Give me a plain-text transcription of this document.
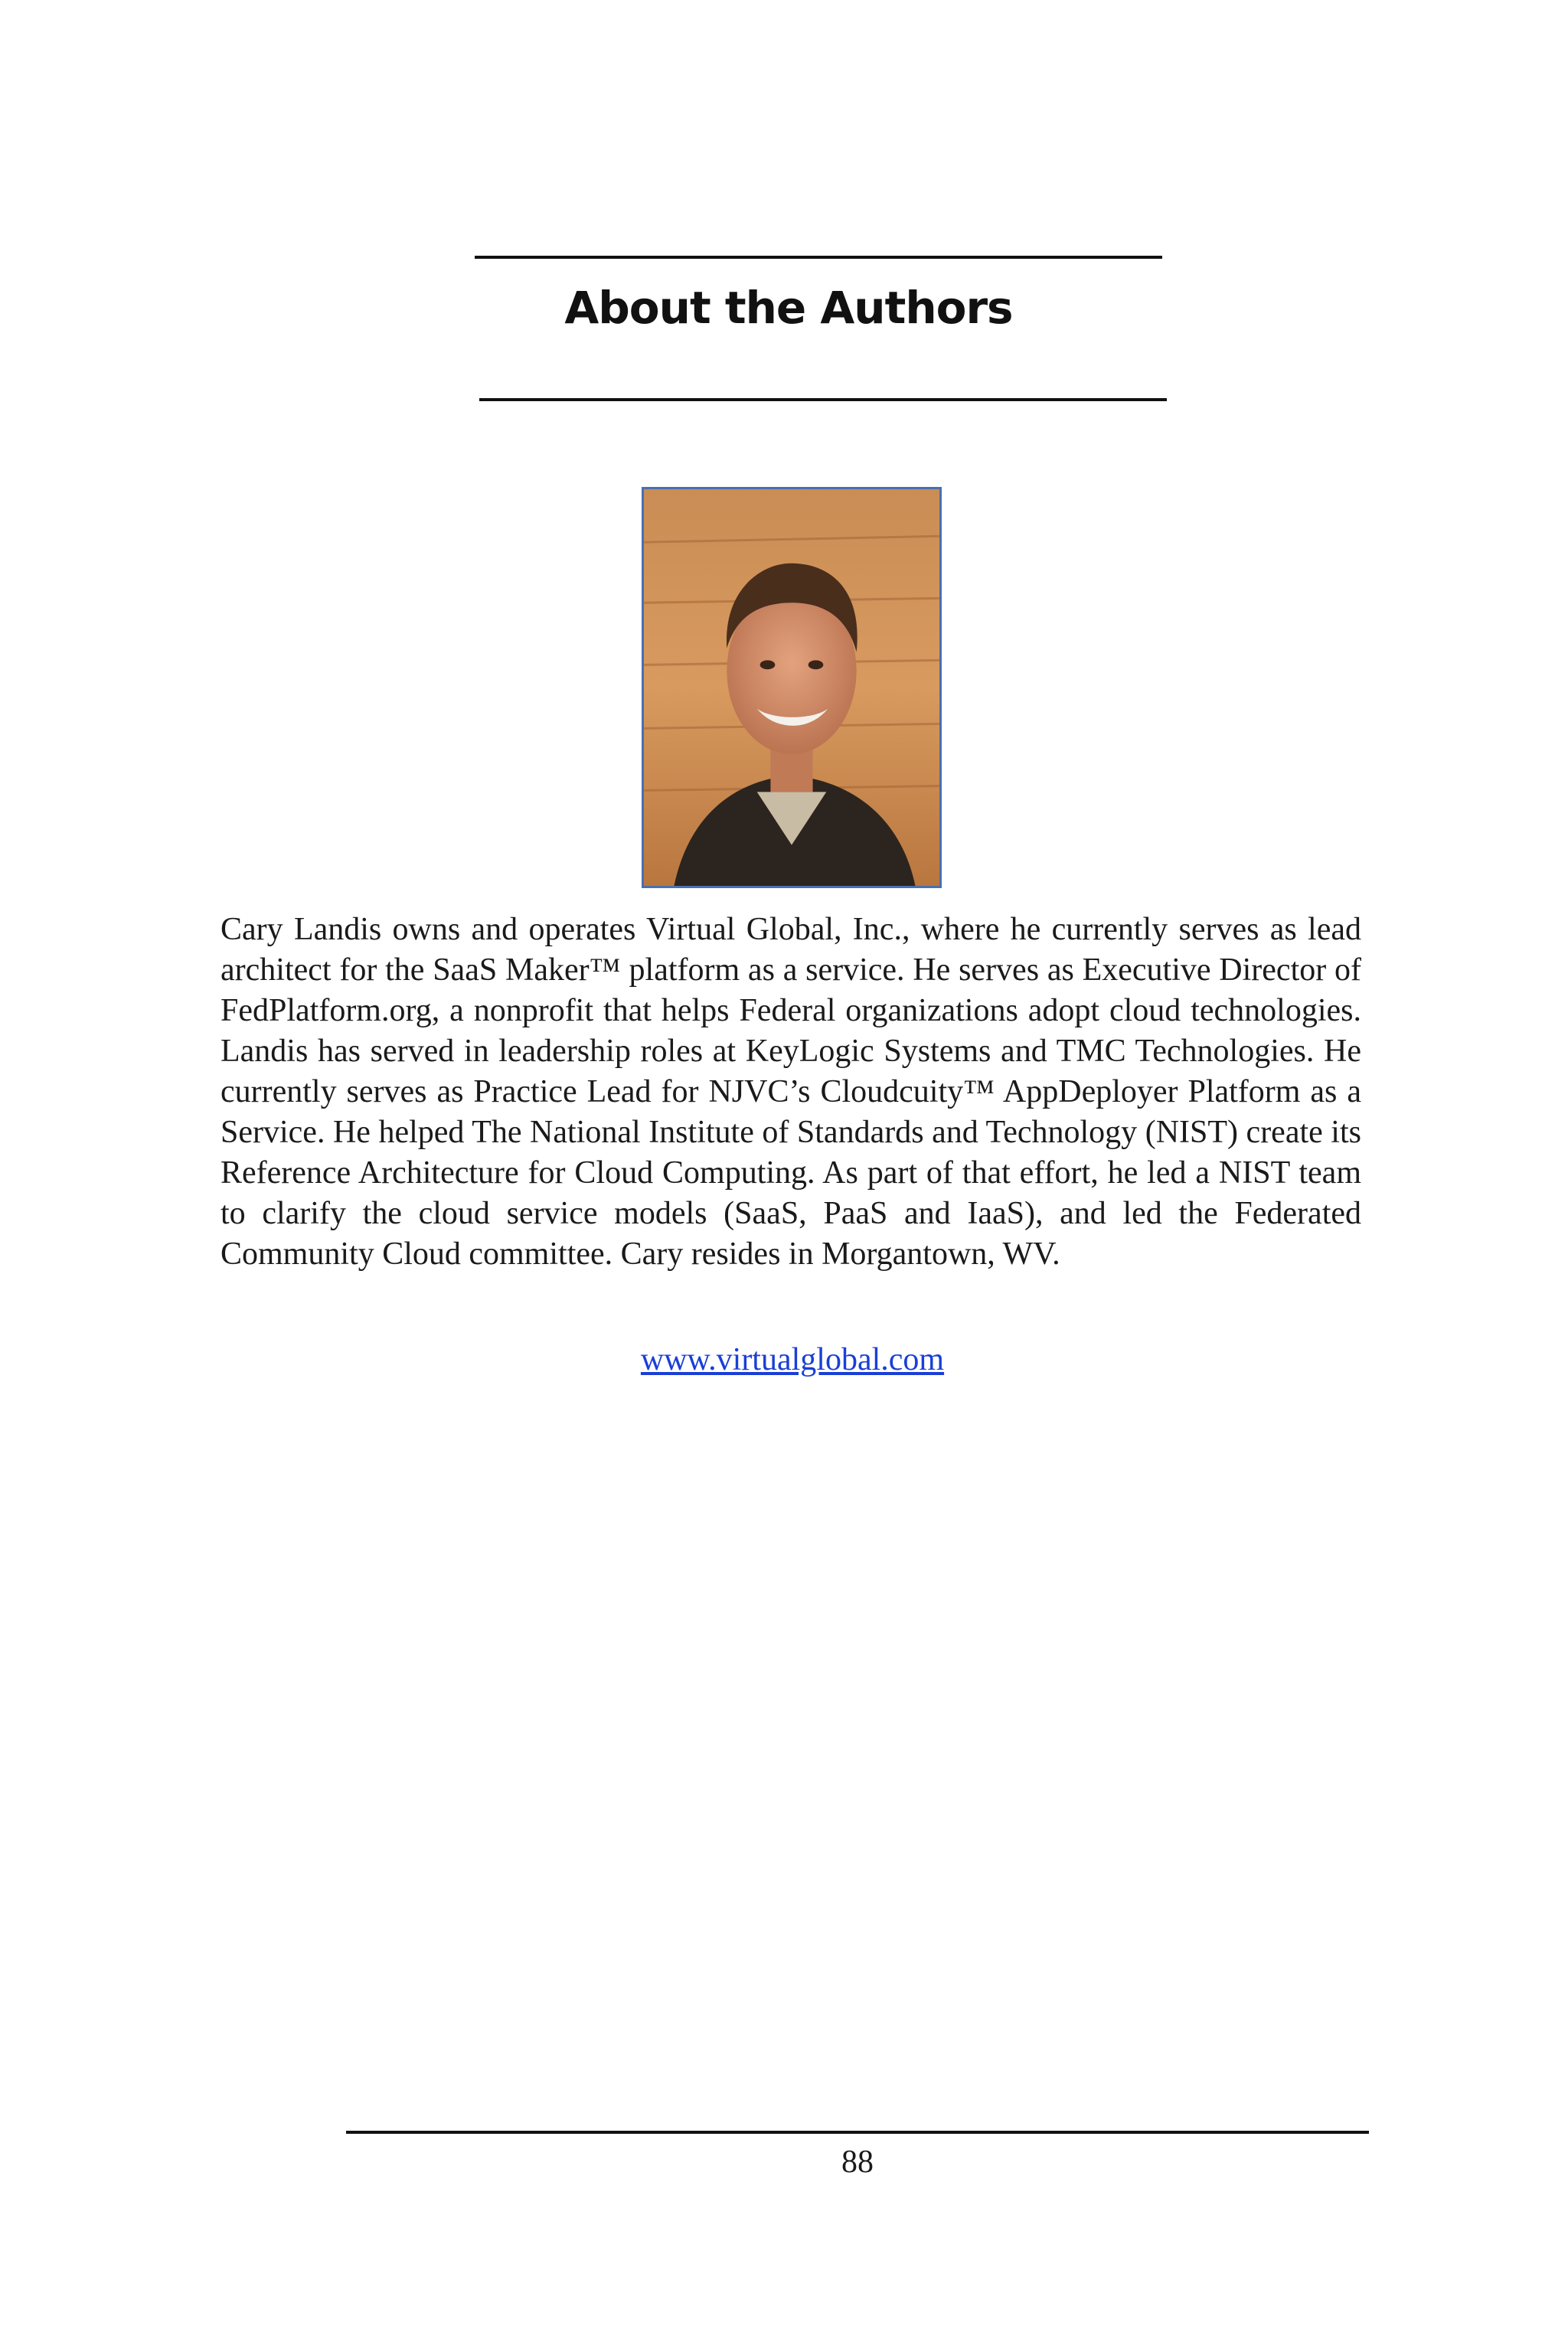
About the Authors

Cary Landis owns and operates Virtual Global, Inc., where he currently serves as lead architect for the SaaS Maker™ platform as a service. He serves as Executive Director of FedPlatform.org, a nonprofit that helps Federal organizations adopt cloud technologies. Landis has served in leadership roles at KeyLogic Systems and TMC Technologies. He currently serves as Practice Lead for NJVC’s Cloudcuity™ AppDeployer Platform as a Service. He helped The National Institute of Standards and Technology (NIST) create its Reference Architecture for Cloud Computing. As part of that effort, he led a NIST team to clarify the cloud service models (SaaS, PaaS and IaaS), and led the Federated Community Cloud committee. Cary resides in Morgantown, WV.

www.virtualglobal.com
88
